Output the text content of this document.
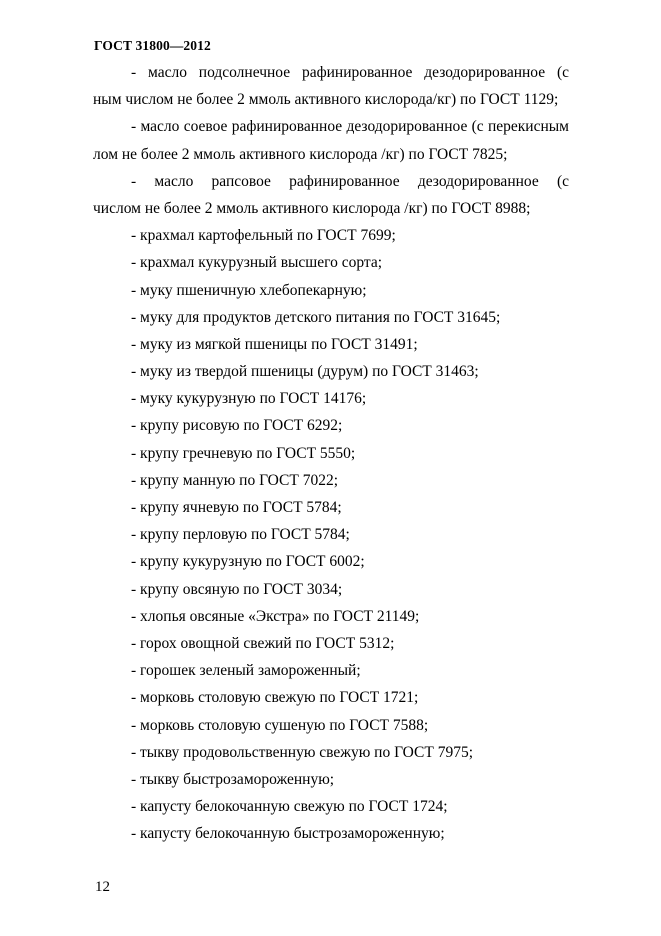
ГОСТ 31800—2012
- масло подсолнечное рафинированное дезодорированное (с
ным числом не более 2 ммоль активного кислорода/кг) по ГОСТ 1129;
- масло соевое рафинированное дезодорированное (с перекисным
лом не более 2 ммоль активного кислорода /кг) по ГОСТ 7825;
- масло рапсовое рафинированное дезодорированное (с
числом не более 2 ммоль активного кислорода /кг) по ГОСТ 8988;
- крахмал картофельный по ГОСТ 7699;
- крахмал кукурузный высшего сорта;
- муку пшеничную хлебопекарную;
- муку для продуктов детского питания по ГОСТ 31645;
- муку из мягкой пшеницы по ГОСТ 31491;
- муку из твердой пшеницы (дурум) по ГОСТ 31463;
- муку кукурузную по ГОСТ 14176;
- крупу рисовую по ГОСТ 6292;
- крупу гречневую по ГОСТ 5550;
- крупу манную по ГОСТ 7022;
- крупу ячневую по ГОСТ 5784;
- крупу перловую по ГОСТ 5784;
- крупу кукурузную по ГОСТ 6002;
- крупу овсяную по ГОСТ 3034;
- хлопья овсяные «Экстра» по ГОСТ 21149;
- горох овощной свежий по ГОСТ 5312;
- горошек зеленый замороженный;
- морковь столовую свежую по ГОСТ 1721;
- морковь столовую сушеную по ГОСТ 7588;
- тыкву продовольственную свежую по ГОСТ 7975;
- тыкву быстрозамороженную;
- капусту белокочанную свежую по ГОСТ 1724;
- капусту белокочанную быстрозамороженную;
12
